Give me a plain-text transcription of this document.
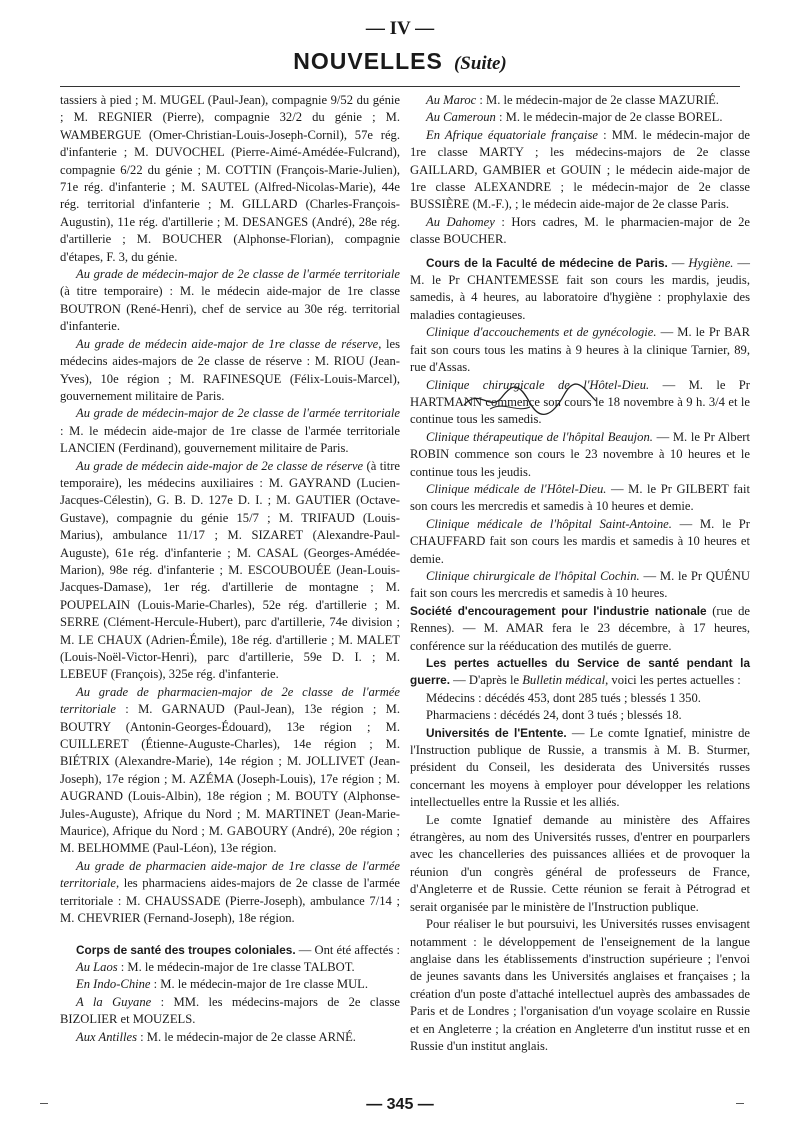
— IV —
NOUVELLES (Suite)

tassiers à pied ; M. MUGEL (Paul-Jean), compagnie 9/52 du génie ; M. REGNIER (Pierre), compagnie 32/2 du génie ; M. WAMBERGUE (Omer-Christian-Louis-Joseph-Cornil), 57e rég. d'infanterie ; M. DUVOCHEL (Pierre-Aimé-Amédée-Fulcrand), compagnie 6/22 du génie ; M. COTTIN (François-Marie-Julien), 71e rég. d'infanterie ; M. SAUTEL (Alfred-Nicolas-Marie), 44e rég. territorial d'infanterie ; M. GILLARD (Charles-François-Augustin), 11e rég. d'artillerie ; M. DESANGES (André), 28e rég. d'artillerie ; M. BOUCHER (Alphonse-Florian), compagnie d'étapes, F. 3, du génie.

Au grade de médecin-major de 2e classe de l'armée territoriale (à titre temporaire) : M. le médecin aide-major de 1re classe BOUTRON (René-Henri), chef de service au 30e rég. territorial d'infanterie.

Au grade de médecin aide-major de 1re classe de réserve, les médecins aides-majors de 2e classe de réserve : M. RIOU (Jean-Yves), 10e région ; M. RAFINESQUE (Félix-Louis-Marcel), gouvernement militaire de Paris.

Au grade de médecin-major de 2e classe de l'armée territoriale : M. le médecin aide-major de 1re classe de l'armée territoriale LANCIEN (Ferdinand), gouvernement militaire de Paris.

Au grade de médecin aide-major de 2e classe de réserve (à titre temporaire), les médecins auxiliaires : M. GAYRAND (Lucien-Jacques-Célestin), G. B. D. 127e D. I. ; M. GAUTIER (Octave-Gustave), compagnie du génie 15/7 ; M. TRIFAUD (Louis-Marius), ambulance 11/17 ; M. SIZARET (Alexandre-Paul-Auguste), 61e rég. d'infanterie ; M. CASAL (Georges-Amédée-Marion), 98e rég. d'infanterie ; M. ESCOUBOUÉE (Jean-Louis-Jacques-Damase), 1er rég. d'artillerie de montagne ; M. POUPELAIN (Louis-Marie-Charles), 52e rég. d'artillerie ; M. SERRE (Clément-Hercule-Hubert), parc d'artillerie, 74e division ; M. LE CHAUX (Adrien-Émile), 18e rég. d'artillerie ; M. MALET (Louis-Noël-Victor-Henri), parc d'artillerie, 59e D. I. ; M. LEBEUF (François), 325e rég. d'infanterie.

Au grade de pharmacien-major de 2e classe de l'armée territoriale : M. GARNAUD (Paul-Jean), 13e région ; M. BOUTRY (Antonin-Georges-Édouard), 13e région ; M. CUILLERET (Étienne-Auguste-Charles), 14e région ; M. BIÉTRIX (Alexandre-Marie), 14e région ; M. JOLLIVET (Jean-Joseph), 17e région ; M. AZÉMA (Joseph-Louis), 17e région ; M. AUGRAND (Louis-Albin), 18e région ; M. BOUTY (Alphonse-Jules-Auguste), Afrique du Nord ; M. MARTINET (Jean-Marie-Maurice), Afrique du Nord ; M. GABOURY (André), 20e région ; M. BELHOMME (Paul-Léon), 13e région.

Au grade de pharmacien aide-major de 1re classe de l'armée territoriale, les pharmaciens aides-majors de 2e classe de l'armée territoriale : M. CHAUSSADE (Pierre-Joseph), ambulance 7/14 ; M. CHEVRIER (Fernand-Joseph), 18e région.

Corps de santé des troupes coloniales. — Ont été affectés :

Au Laos : M. le médecin-major de 1re classe TALBOT.

En Indo-Chine : M. le médecin-major de 1re classe MUL.

A la Guyane : MM. les médecins-majors de 2e classe BIZOLIER et MOUZELS.

Aux Antilles : M. le médecin-major de 2e classe ARNÉ.

Au Maroc : M. le médecin-major de 2e classe MAZURIÉ.

Au Cameroun : M. le médecin-major de 2e classe BOREL.

En Afrique équatoriale française : MM. le médecin-major de 1re classe MARTY ; les médecins-majors de 2e classe GAILLARD, GAMBIER et GOUIN ; le médecin aide-major de 1re classe ALEXANDRE ; le médecin-major de 2e classe BUSSIÈRE (M.-F.), ; le médecin aide-major de 2e classe Paris.

Au Dahomey : Hors cadres, M. le pharmacien-major de 2e classe BOUCHER.

Cours de la Faculté de médecine de Paris. — Hygiène. — M. le Pr CHANTEMESSE fait son cours les mardis, jeudis, samedis, à 4 heures, au laboratoire d'hygiène : prophylaxie des maladies contagieuses.

Clinique d'accouchements et de gynécologie. — M. le Pr BAR fait son cours tous les matins à 9 heures à la clinique Tarnier, 89, rue d'Assas.

Clinique chirurgicale de l'Hôtel-Dieu. — M. le Pr HARTMANN commence son cours le 18 novembre à 9 h. 3/4 et le continue tous les samedis.

Clinique thérapeutique de l'hôpital Beaujon. — M. le Pr Albert ROBIN commence son cours le 23 novembre à 10 heures et le continue tous les jeudis.

Clinique médicale de l'Hôtel-Dieu. — M. le Pr GILBERT fait son cours les mercredis et samedis à 10 heures et demie.

Clinique médicale de l'hôpital Saint-Antoine. — M. le Pr CHAUFFARD fait son cours les mardis et samedis à 10 heures et demie.

Clinique chirurgicale de l'hôpital Cochin. — M. le Pr QUÉNU fait son cours les mercredis et samedis à 10 heures.

Société d'encouragement pour l'industrie nationale (rue de Rennes). — M. AMAR fera le 23 décembre, à 17 heures, conférence sur la rééducation des mutilés de guerre.

Les pertes actuelles du Service de santé pendant la guerre. — D'après le Bulletin médical, voici les pertes actuelles :

Médecins : décédés 453, dont 285 tués ; blessés 1 350.

Pharmaciens : décédés 24, dont 3 tués ; blessés 18.

Universités de l'Entente. — Le comte Ignatief, ministre de l'Instruction publique de Russie, a transmis à M. B. Sturmer, président du Conseil, les desiderata des Universités russes concernant les moyens à employer pour développer les relations intellectuelles entre la Russie et les alliés.

Le comte Ignatief demande au ministère des Affaires étrangères, au nom des Universités russes, d'entrer en pourparlers avec les chancelleries des puissances alliées et de provoquer la réunion d'un congrès général de professeurs de France, d'Angleterre et de Russie. Cette réunion se ferait à Pétrograd et serait organisée par le ministère de l'Instruction publique.

Pour réaliser le but poursuivi, les Universités russes envisagent notamment : le développement de l'enseignement de la langue anglaise dans les établissements d'instruction supérieure ; l'envoi de jeunes savants dans les Universités anglaises et françaises ; la création d'un poste d'attaché intellectuel auprès des ambassades de Paris et de Londres ; l'organisation d'un voyage scolaire en Russie et en Angleterre ; la création en Angleterre d'un institut russe et en Russie d'un institut anglais.

— 345 —
